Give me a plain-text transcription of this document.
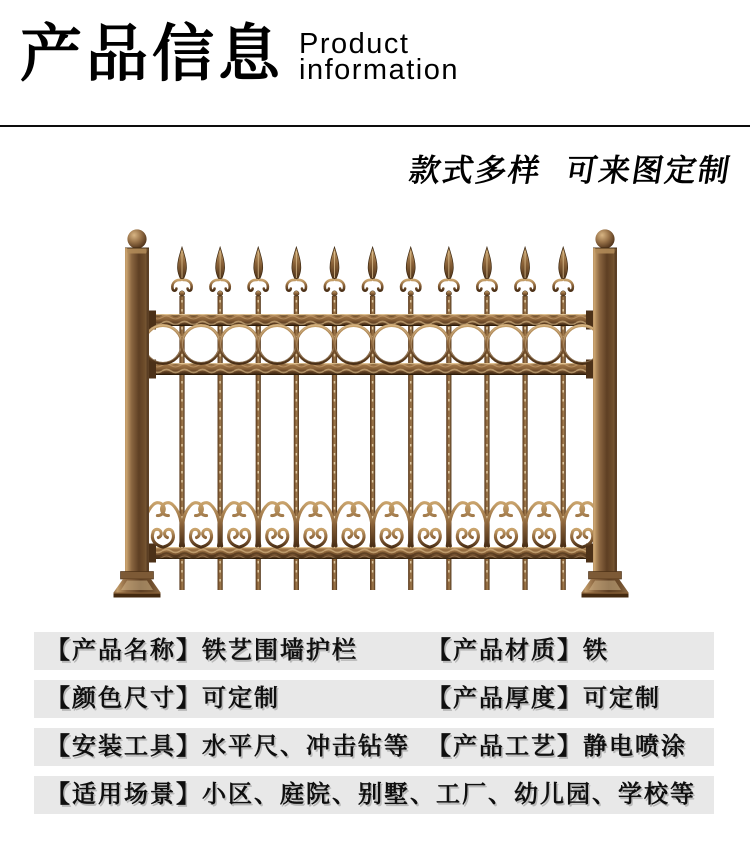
产品信息 Product
information
款式多样 可来图定制
【产品名称】铁艺围墙护栏	【产品材质】铁
【颜色尺寸】可定制	【产品厚度】可定制
【安装工具】水平尺、冲击钻等 【产品工艺】静电喷涂
【适用场景】小区、庭院、别墅、工厂、幼儿园、学校等
